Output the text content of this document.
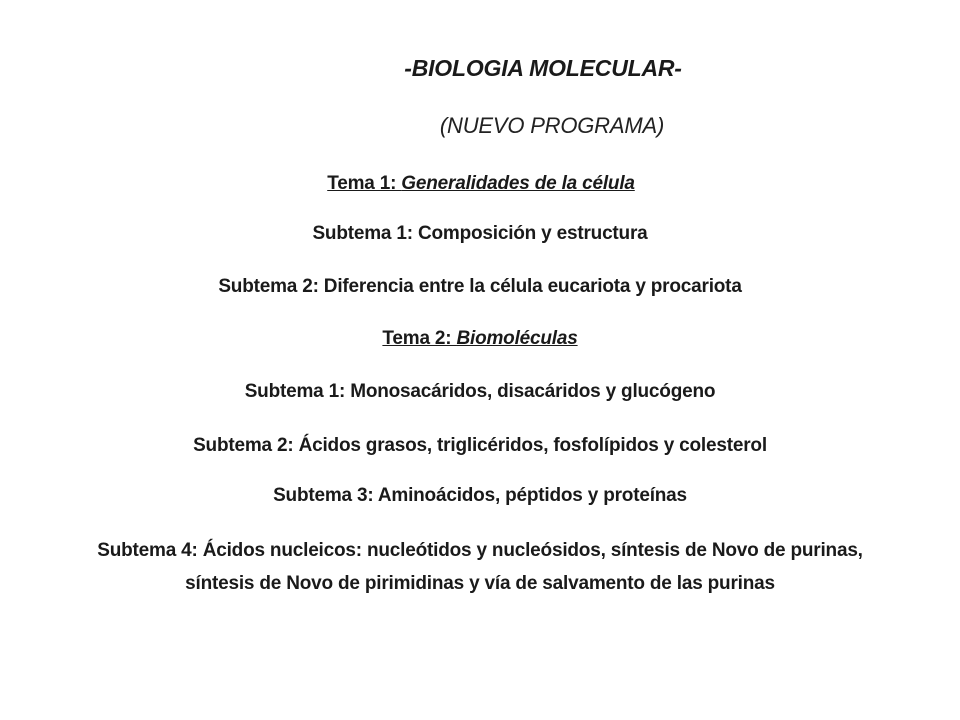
-BIOLOGIA MOLECULAR-
(NUEVO PROGRAMA)
Tema 1: Generalidades de la célula
Subtema 1: Composición y estructura
Subtema 2: Diferencia entre la célula eucariota y procariota
Tema 2: Biomoléculas
Subtema 1: Monosacáridos, disacáridos y glucógeno
Subtema 2: Ácidos grasos, triglicéridos, fosfolípidos y colesterol
Subtema 3: Aminoácidos, péptidos y proteínas
Subtema 4: Ácidos nucleicos: nucleótidos y nucleósidos, síntesis de Novo de purinas,
síntesis de Novo de pirimidinas y vía de salvamento de las purinas
